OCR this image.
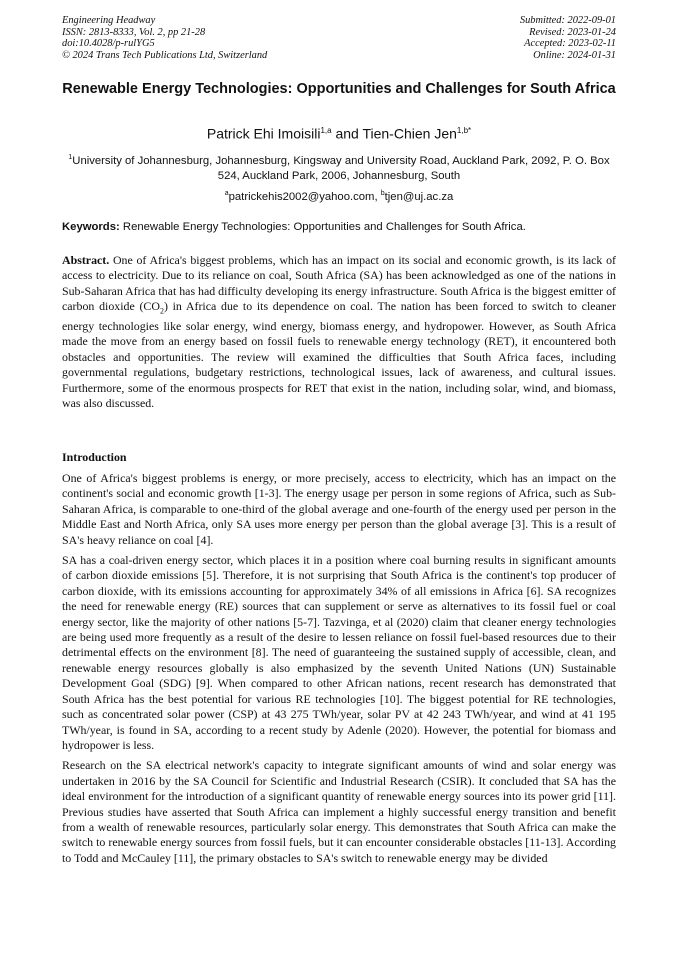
Engineering Headway
ISSN: 2813-8333, Vol. 2, pp 21-28
doi:10.4028/p-rulYG5
© 2024 Trans Tech Publications Ltd, Switzerland
Submitted: 2022-09-01
Revised: 2023-01-24
Accepted: 2023-02-11
Online: 2024-01-31
Renewable Energy Technologies: Opportunities and Challenges for South Africa
Patrick Ehi Imoisili$^{1,a}$ and Tien-Chien Jen$^{1,b*}$
$^1$University of Johannesburg, Johannesburg, Kingsway and University Road, Auckland Park, 2092, P. O. Box 524, Auckland Park, 2006, Johannesburg, South
$^a$patrickehis2002@yahoo.com, $^b$tjen@uj.ac.za
Keywords: Renewable Energy Technologies: Opportunities and Challenges for South Africa.
Abstract. One of Africa's biggest problems, which has an impact on its social and economic growth, is its lack of access to electricity. Due to its reliance on coal, South Africa (SA) has been acknowledged as one of the nations in Sub-Saharan Africa that has had difficulty developing its energy infrastructure. South Africa is the biggest emitter of carbon dioxide $(CO_2)$ in Africa due to its dependence on coal. The nation has been forced to switch to cleaner energy technologies like solar energy, wind energy, biomass energy, and hydropower. However, as South Africa made the move from an energy based on fossil fuels to renewable energy technology (RET), it encountered both obstacles and opportunities. The review will examined the difficulties that South Africa faces, including governmental regulations, budgetary restrictions, technological issues, lack of awareness, and cultural issues. Furthermore, some of the enormous prospects for RET that exist in the nation, including solar, wind, and biomass, was also discussed.
Introduction

One of Africa's biggest problems is energy, or more precisely, access to electricity, which has an impact on the continent's social and economic growth [1-3]. The energy usage per person in some regions of Africa, such as Sub-Saharan Africa, is comparable to one-third of the global average and one-fourth of the energy used per person in the Middle East and North Africa, only SA uses more energy per person than the global average [3]. This is a result of SA's heavy reliance on coal [4].

SA has a coal-driven energy sector, which places it in a position where coal burning results in significant amounts of carbon dioxide emissions [5]. Therefore, it is not surprising that South Africa is the continent's top producer of carbon dioxide, with its emissions accounting for approximately 34% of all emissions in Africa [6]. SA recognizes the need for renewable energy (RE) sources that can supplement or serve as alternatives to its fossil fuel or coal energy sector, like the majority of other nations [5-7]. Tazvinga, et al (2020) claim that cleaner energy technologies are being used more frequently as a result of the desire to lessen reliance on fossil fuel-based resources due to their detrimental effects on the environment [8]. The need of guaranteeing the sustained supply of accessible, clean, and renewable energy resources globally is also emphasized by the seventh United Nations (UN) Sustainable Development Goal (SDG) [9]. When compared to other African nations, recent research has demonstrated that South Africa has the best potential for various RE technologies [10]. The biggest potential for RE technologies, such as concentrated solar power (CSP) at 43 275 TWh/year, solar PV at 42 243 TWh/year, and wind at 41 195 TWh/year, is found in SA, according to a recent study by Adenle (2020). However, the potential for biomass and hydropower is less.

Research on the SA electrical network's capacity to integrate significant amounts of wind and solar energy was undertaken in 2016 by the SA Council for Scientific and Industrial Research (CSIR). It concluded that SA has the ideal environment for the introduction of a significant quantity of renewable energy sources into its power grid [11]. Previous studies have asserted that South Africa can implement a highly successful energy transition and benefit from a wealth of renewable resources, particularly solar energy. This demonstrates that South Africa can make the switch to renewable energy sources from fossil fuels, but it can encounter considerable obstacles [11-13]. According to Todd and McCauley [11], the primary obstacles to SA's switch to renewable energy may be divided
